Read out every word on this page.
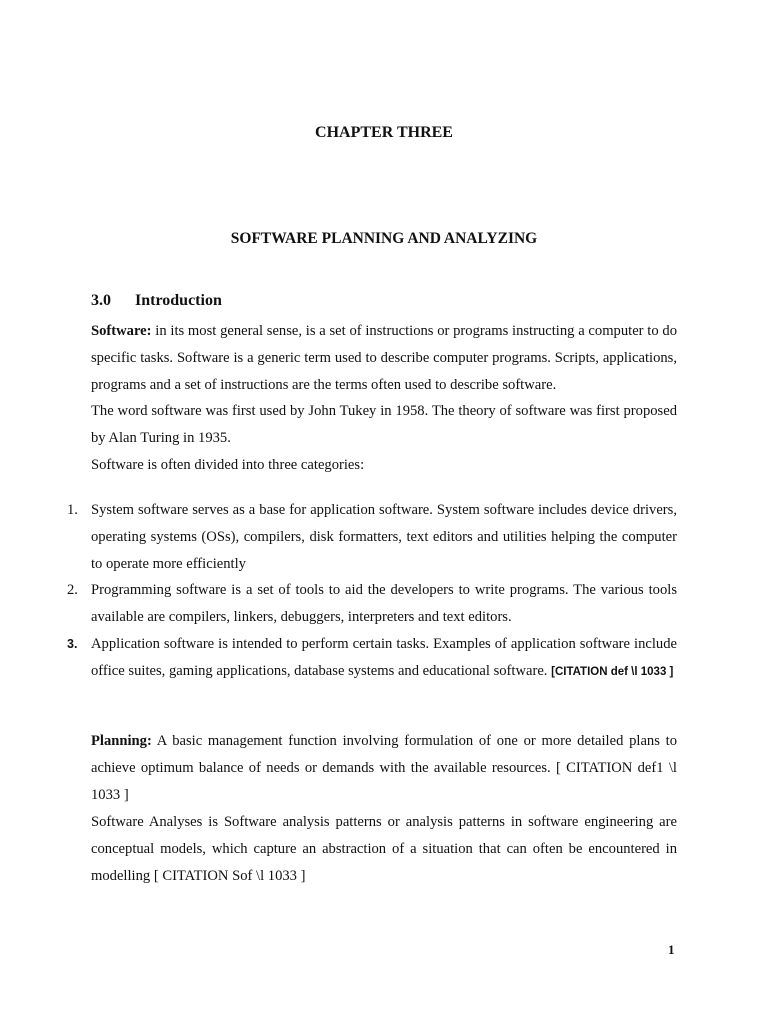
CHAPTER THREE
SOFTWARE PLANNING AND ANALYZING
3.0 Introduction
Software: in its most general sense, is a set of instructions or programs instructing a computer to do specific tasks. Software is a generic term used to describe computer programs. Scripts, applications, programs and a set of instructions are the terms often used to describe software.
The word software was first used by John Tukey in 1958. The theory of software was first proposed by Alan Turing in 1935.
Software is often divided into three categories:
1. System software serves as a base for application software. System software includes device drivers, operating systems (OSs), compilers, disk formatters, text editors and utilities helping the computer to operate more efficiently
2. Programming software is a set of tools to aid the developers to write programs. The various tools available are compilers, linkers, debuggers, interpreters and text editors.
3. Application software is intended to perform certain tasks. Examples of application software include office suites, gaming applications, database systems and educational software. [CITATION def \l 1033 ]
Planning: A basic management function involving formulation of one or more detailed plans to achieve optimum balance of needs or demands with the available resources. [ CITATION def1 \l 1033 ]
Software Analyses is Software analysis patterns or analysis patterns in software engineering are conceptual models, which capture an abstraction of a situation that can often be encountered in modelling [ CITATION Sof \l 1033 ]
1
